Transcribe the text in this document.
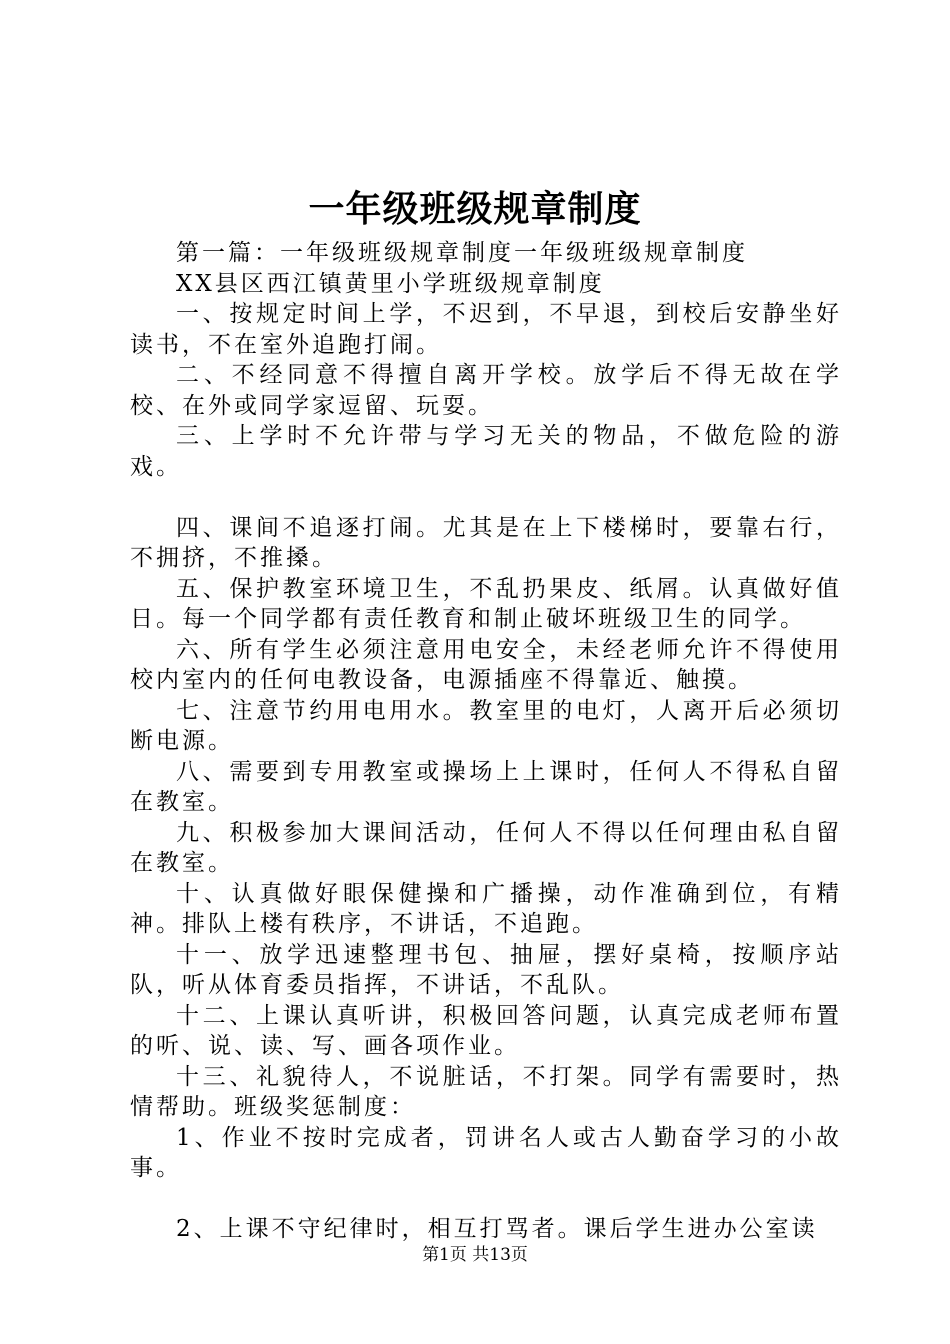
一年级班级规章制度

第一篇：一年级班级规章制度一年级班级规章制度

XX县区西江镇黄里小学班级规章制度

一、按规定时间上学，不迟到，不早退，到校后安静坐好读书，不在室外追跑打闹。

二、不经同意不得擅自离开学校。放学后不得无故在学校、在外或同学家逗留、玩耍。

三、上学时不允许带与学习无关的物品，不做危险的游戏。

四、课间不追逐打闹。尤其是在上下楼梯时，要靠右行，不拥挤，不推搡。

五、保护教室环境卫生，不乱扔果皮、纸屑。认真做好值日。每一个同学都有责任教育和制止破坏班级卫生的同学。

六、所有学生必须注意用电安全，未经老师允许不得使用校内室内的任何电教设备，电源插座不得靠近、触摸。

七、注意节约用电用水。教室里的电灯，人离开后必须切断电源。

八、需要到专用教室或操场上上课时，任何人不得私自留在教室。

九、积极参加大课间活动，任何人不得以任何理由私自留在教室。

十、认真做好眼保健操和广播操，动作准确到位，有精神。排队上楼有秩序，不讲话，不追跑。

十一、放学迅速整理书包、抽屉，摆好桌椅，按顺序站队，听从体育委员指挥，不讲话，不乱队。

十二、上课认真听讲，积极回答问题，认真完成老师布置的听、说、读、写、画各项作业。

十三、礼貌待人，不说脏话，不打架。同学有需要时，热情帮助。班级奖惩制度：

1、作业不按时完成者，罚讲名人或古人勤奋学习的小故事。

2、上课不守纪律时，相互打骂者。课后学生进办公室读

第1页 共13页
